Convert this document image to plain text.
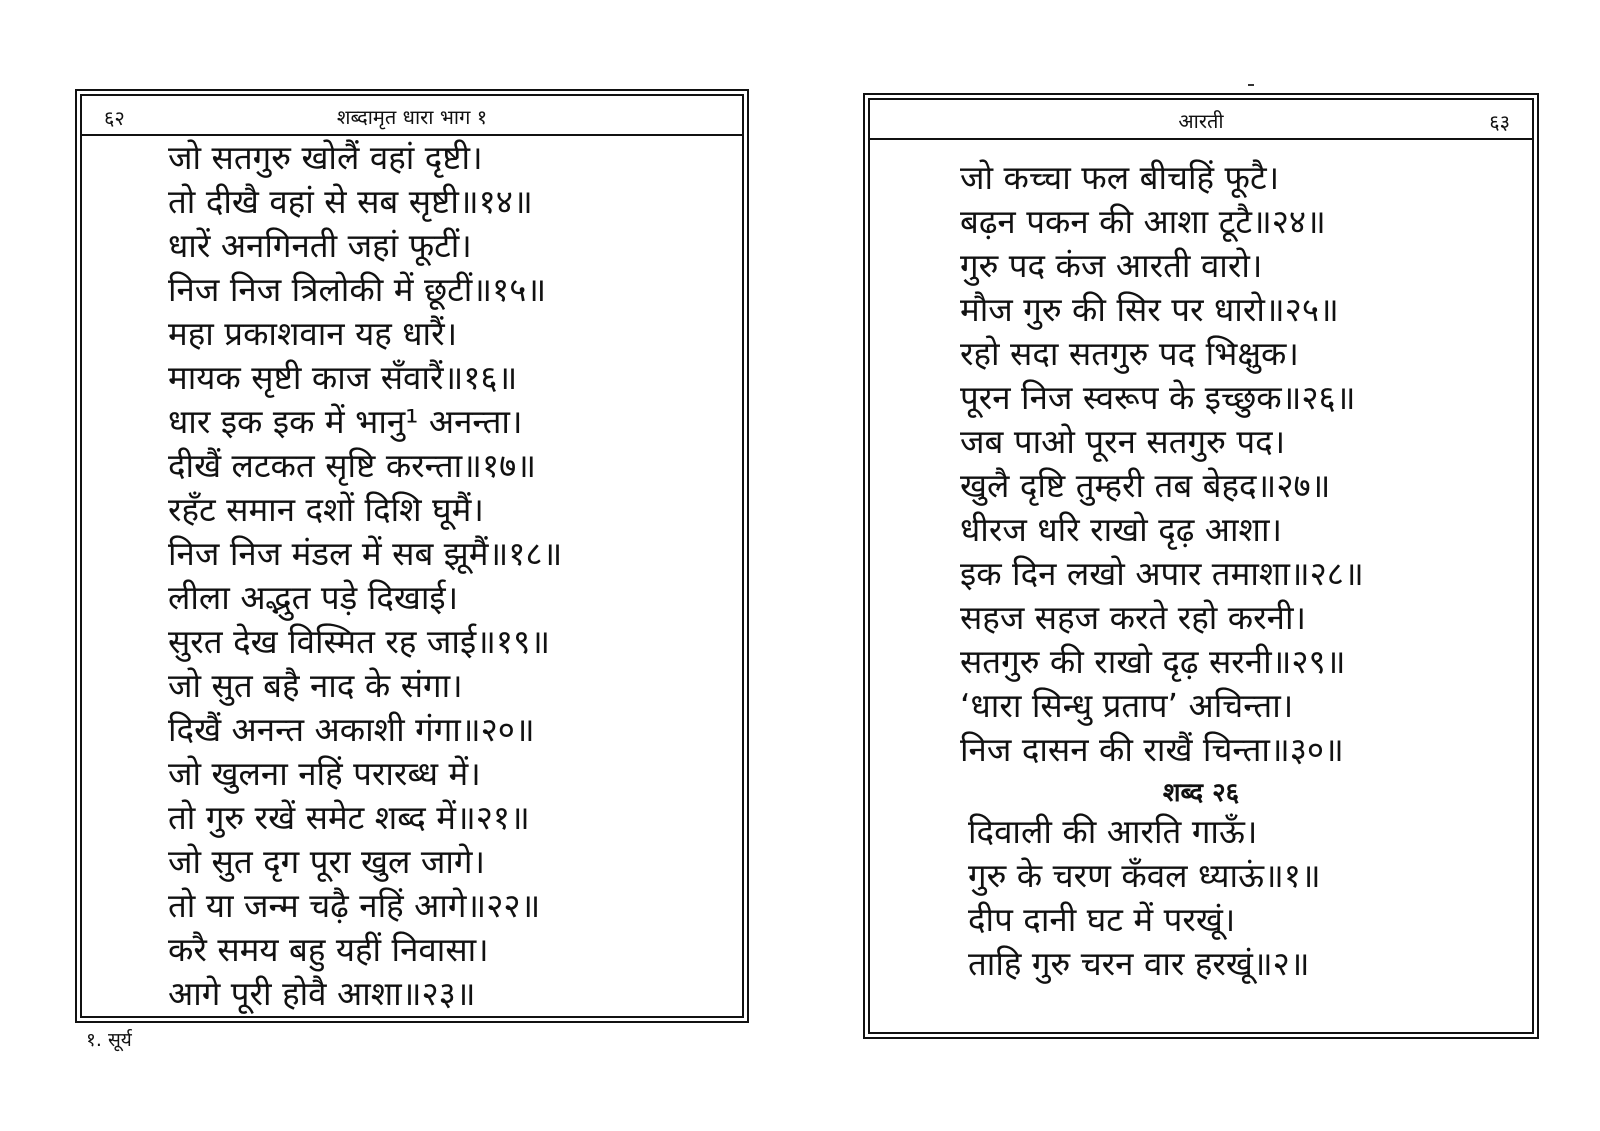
६२	शब्दामृत धारा भाग १
जो सतगुरु खोलैं वहां दृष्टी।
तो दीखै वहां से सब सृष्टी॥१४॥
धारें अनगिनती जहां फूटीं।
निज निज त्रिलोकी में छूटीं॥१५॥
महा प्रकाशवान यह धारैं।
मायक सृष्टी काज सँवारैं॥१६॥
धार इक इक में भानु¹ अनन्ता।
दीखैं लटकत सृष्टि करन्ता॥१७॥
रहँट समान दशों दिशि घूमैं।
निज निज मंडल में सब झूमैं॥१८॥
लीला अद्भुत पड़े दिखाई।
सुरत देख विस्मित रह जाई॥१९॥
जो सुत बहै नाद के संगा।
दिखैं अनन्त अकाशी गंगा॥२०॥
जो खुलना नहिं परारब्ध में।
तो गुरु रखें समेट शब्द में॥२१॥
जो सुत दृग पूरा खुल जागे।
तो या जन्म चढ़ै नहिं आगे॥२२॥
करै समय बहु यहीं निवासा।
आगे पूरी होवै आशा॥२३॥
१. सूर्य
आरती	६३
जो कच्चा फल बीचहिं फूटै।
बढ़न पकन की आशा टूटै॥२४॥
गुरु पद कंज आरती वारो।
मौज गुरु की सिर पर धारो॥२५॥
रहो सदा सतगुरु पद भिक्षुक।
पूरन निज स्वरूप के इच्छुक॥२६॥
जब पाओ पूरन सतगुरु पद।
खुलै दृष्टि तुम्हरी तब बेहद॥२७॥
धीरज धरि राखो दृढ़ आशा।
इक दिन लखो अपार तमाशा॥२८॥
सहज सहज करते रहो करनी।
सतगुरु की राखो दृढ़ सरनी॥२९॥
‘धारा सिन्धु प्रताप’ अचिन्ता।
निज दासन की राखैं चिन्ता॥३०॥
शब्द २६
दिवाली की आरति गाऊँ।
गुरु के चरण कँवल ध्याऊं॥१॥
दीप दानी घट में परखूं।
ताहि गुरु चरन वार हरखूं॥२॥
